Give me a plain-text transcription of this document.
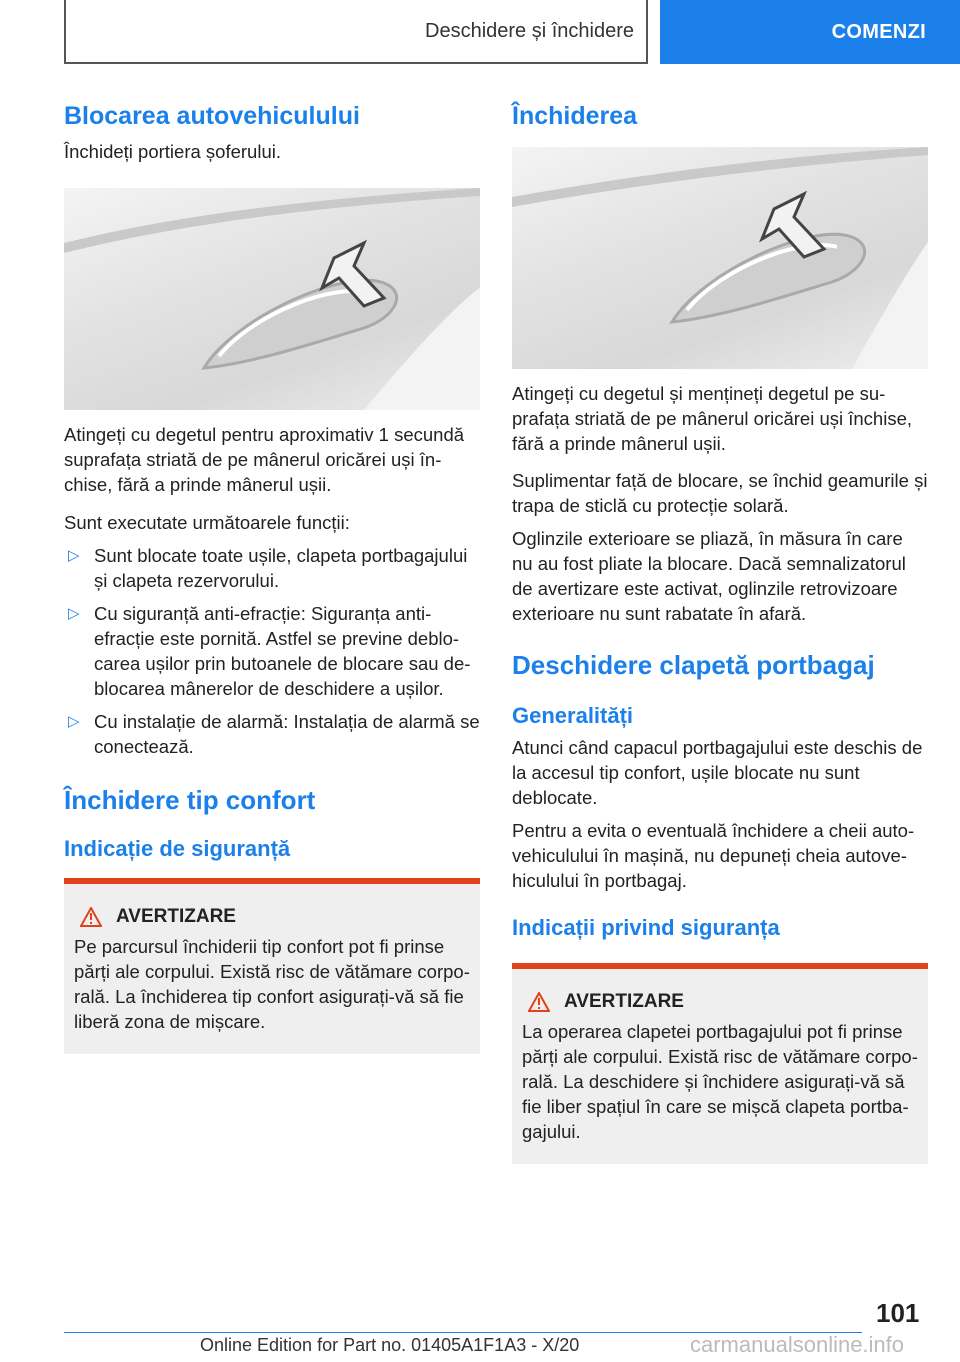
Deschidere și închidere	COMENZI
Blocarea autovehiculului

Închideți portiera șoferului.

Atingeți cu degetul pentru aproximativ 1 secundă suprafața striată de pe mânerul oricărei uși în‐chise, fără a prinde mânerul ușii.

Sunt executate următoarele funcții:

▷ Sunt blocate toate ușile, clapeta portbagajului și clapeta rezervorului.
▷ Cu siguranță anti-efracție: Siguranța anti‐efracție este pornită. Astfel se previne deblo‐carea ușilor prin butoanele de blocare sau de‐blocarea mânerelor de deschidere a ușilor.
▷ Cu instalație de alarmă: Instalația de alarmă se conectează.
Închidere tip confort
Indicație de siguranță
AVERTIZARE

Pe parcursul închiderii tip confort pot fi prinse părți ale corpului. Există risc de vătămare corpo‐rală. La închiderea tip confort asigurați-vă să fie liberă zona de mișcare.

Închiderea

Atingeți cu degetul și mențineți degetul pe su‐prafața striată de pe mânerul oricărei uși închise, fără a prinde mânerul ușii.

Suplimentar față de blocare, se închid geamurile și trapa de sticlă cu protecție solară.

Oglinzile exterioare se pliază, în măsura în care nu au fost pliate la blocare. Dacă semnalizatorul de avertizare este activat, oglinzile retrovizoare exterioare nu sunt rabatate în afară.

Deschidere clapetă portbagaj
Generalități

Atunci când capacul portbagajului este deschis de la accesul tip confort, ușile blocate nu sunt deblocate.

Pentru a evita o eventuală închidere a cheii auto‐vehiculului în mașină, nu depuneți cheia autove‐hiculului în portbagaj.

Indicații privind siguranța
AVERTIZARE

La operarea clapetei portbagajului pot fi prinse părți ale corpului. Există risc de vătămare corpo‐rală. La deschidere și închidere asigurați-vă să fie liber spațiul în care se mișcă clapeta portba‐gajului.

101
Online Edition for Part no. 01405A1F1A3 - X/20	carmanualsonline.info
